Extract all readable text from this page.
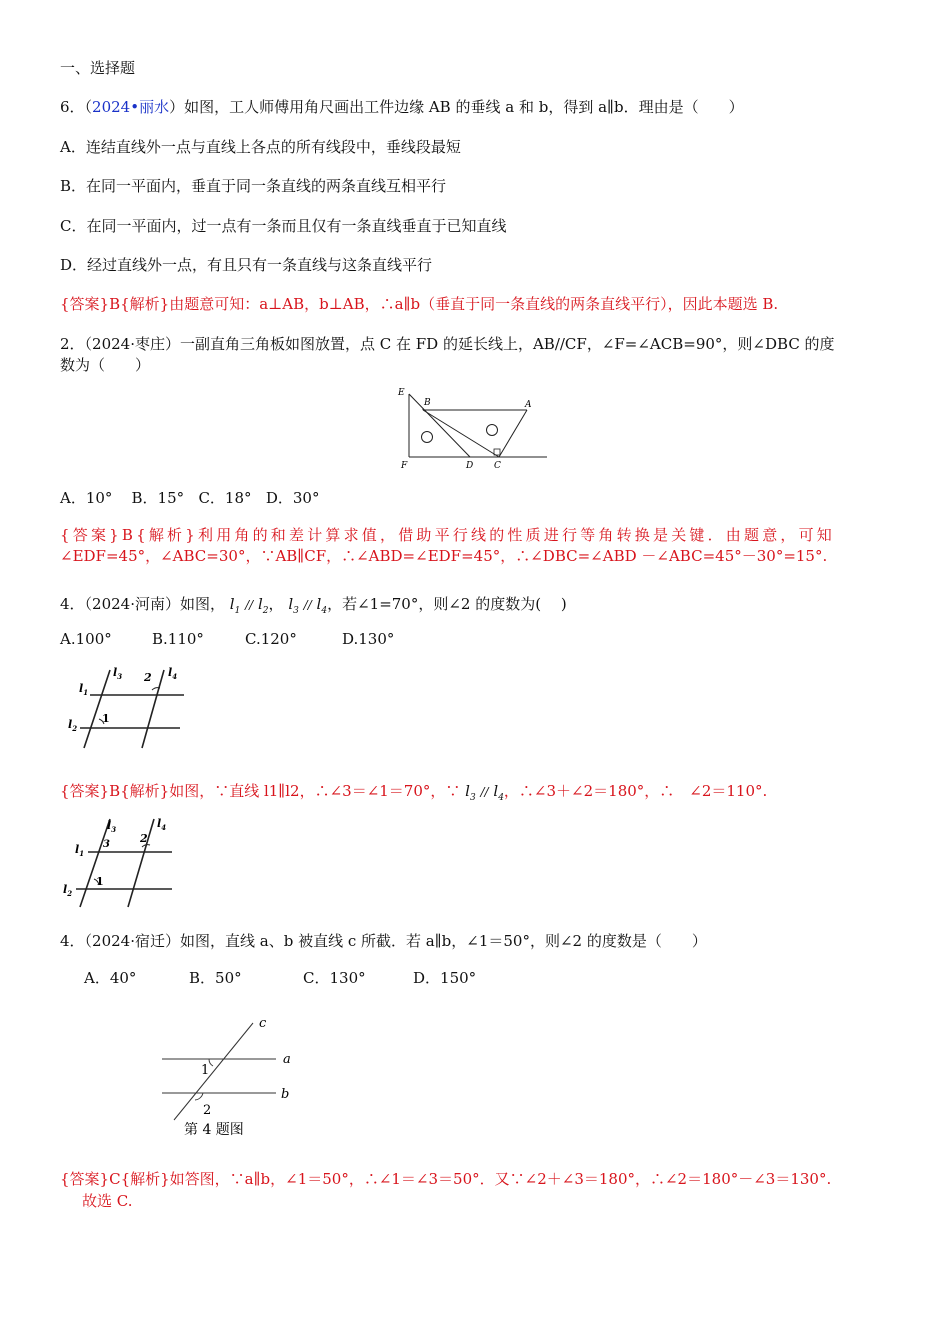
一、选择题
6．（2024•丽水）如图，工人师傅用角尺画出工件边缘 AB 的垂线 a 和 b，得到 a∥b．理由是（　　）
A．连结直线外一点与直线上各点的所有线段中，垂线段最短
B．在同一平面内，垂直于同一条直线的两条直线互相平行
C．在同一平面内，过一点有一条而且仅有一条直线垂直于已知直线
D．经过直线外一点，有且只有一条直线与这条直线平行
{答案}B{解析}由题意可知：a⊥AB，b⊥AB，∴a∥b（垂直于同一条直线的两条直线平行），因此本题选 B.
2．（2024·枣庄）一副直角三角板如图放置，点 C 在 FD 的延长线上，AB//CF，∠F=∠ACB=90°，则∠DBC 的度
数为（　　）
E
B	A
F	D C
A．10° B．15° C．18° D．30°
{答案}B{解析}利用角的和差计算求值，借助平行线的性质进行等角转换是关键．由题意，可知
∠EDF=45°，∠ABC=30°，∵AB∥CF，∴∠ABD=∠EDF=45°，∴∠DBC=∠ABD －∠ABC=45°－30°=15°.
4．（2024·河南）如图， $l_1 // l_2$， $l_3 // l_4$，若∠1=70°，则∠2 的度数为(　 )
A.100°	B.110°	C.120°	D.130°
$l_1$
$l_3$ 2 $l_4$
$l_2$
1
{答案}B{解析}如图，∵直线 l1∥l2，∴∠3＝∠1＝70°，∵ $l_3 // l_4$，∴∠3＋∠2＝180°，∴　∠2＝110°.
$l_3$	$l_4$
2
3
$l_1$
1
$l_2$
4．（2024·宿迁）如图，直线 a、b 被直线 c 所截．若 a∥b，∠1＝50°，则∠2 的度数是（　　）
A．40°	B．50°	C．130°	D．150°
c
a
1
b
2
第 4 题图
{答案}C{解析}如答图，∵a∥b，∠1＝50°，∴∠1＝∠3＝50°．又∵∠2＋∠3＝180°，∴∠2＝180°－∠3＝130°.
故选 C.
